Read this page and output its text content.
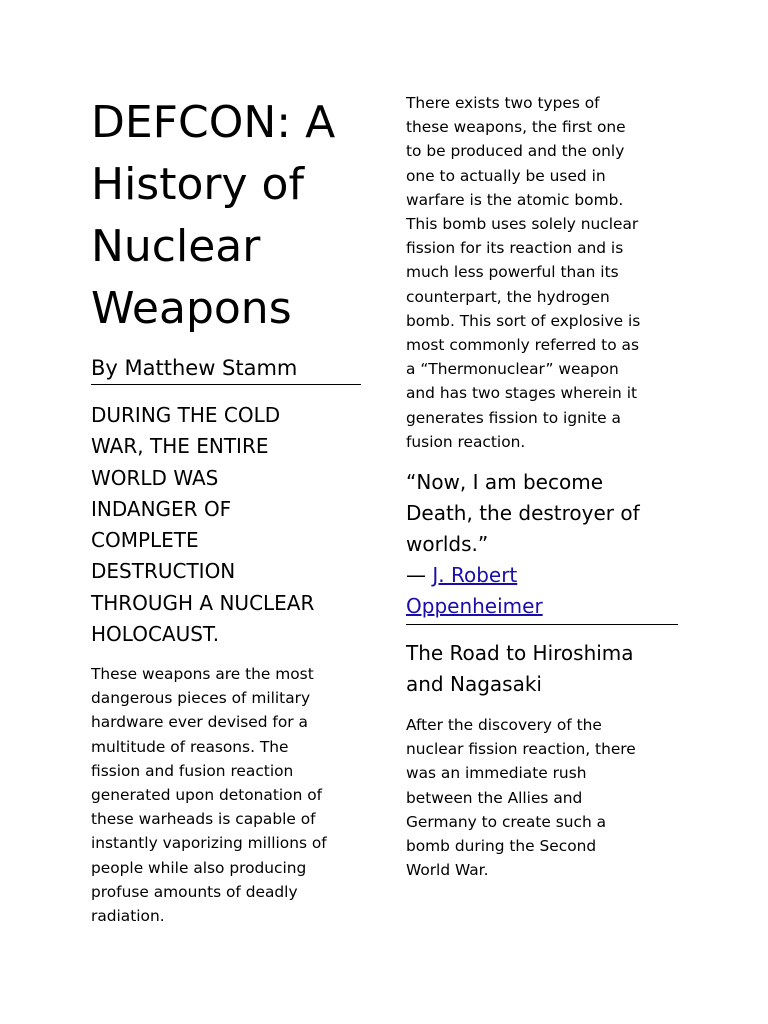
DEFCON: A
History of
Nuclear
Weapons
By Matthew Stamm
DURING THE COLD
WAR, THE ENTIRE
WORLD WAS
INDANGER OF
COMPLETE
DESTRUCTION
THROUGH A NUCLEAR
HOLOCAUST.
These weapons are the most
dangerous pieces of military
hardware ever devised for a
multitude of reasons. The
fission and fusion reaction
generated upon detonation of
these warheads is capable of
instantly vaporizing millions of
people while also producing
profuse amounts of deadly
radiation.
There exists two types of
these weapons, the first one
to be produced and the only
one to actually be used in
warfare is the atomic bomb.
This bomb uses solely nuclear
fission for its reaction and is
much less powerful than its
counterpart, the hydrogen
bomb. This sort of explosive is
most commonly referred to as
a “Thermonuclear” weapon
and has two stages wherein it
generates fission to ignite a
fusion reaction.
“Now, I am become
Death, the destroyer of
worlds.”
— J. Robert
Oppenheimer
The Road to Hiroshima
and Nagasaki
After the discovery of the
nuclear fission reaction, there
was an immediate rush
between the Allies and
Germany to create such a
bomb during the Second
World War.
